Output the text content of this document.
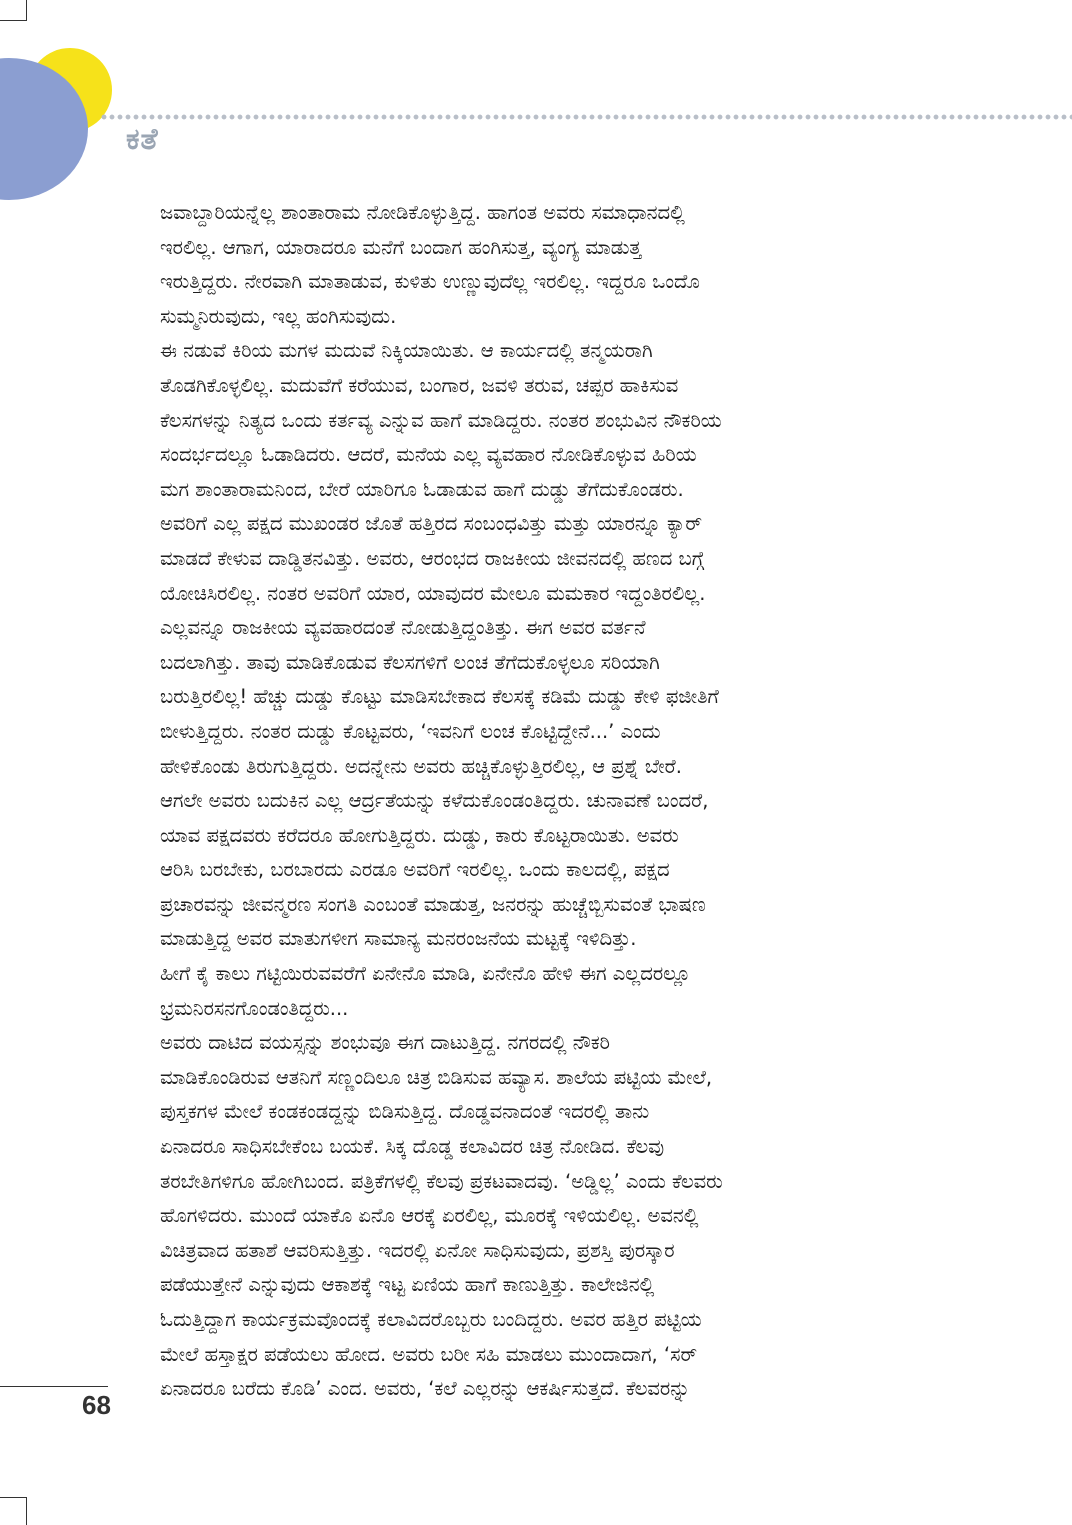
ಕತೆ

ಜವಾಬ್ದಾರಿಯನ್ನೆಲ್ಲ ಶಾಂತಾರಾಮ ನೋಡಿಕೊಳ್ಳುತ್ತಿದ್ದ. ಹಾಗಂತ ಅವರು ಸಮಾಧಾನದಲ್ಲಿ
ಇರಲಿಲ್ಲ. ಆಗಾಗ, ಯಾರಾದರೂ ಮನೆಗೆ ಬಂದಾಗ ಹಂಗಿಸುತ್ತ, ವ್ಯಂಗ್ಯ ಮಾಡುತ್ತ
ಇರುತ್ತಿದ್ದರು. ನೇರವಾಗಿ ಮಾತಾಡುವ, ಕುಳಿತು ಉಣ್ಣುವುದೆಲ್ಲ ಇರಲಿಲ್ಲ. ಇದ್ದರೂ ಒಂದೊ
ಸುಮ್ಮನಿರುವುದು, ಇಲ್ಲ ಹಂಗಿಸುವುದು.

ಈ ನಡುವೆ ಕಿರಿಯ ಮಗಳ ಮದುವೆ ನಿಕ್ಕಿಯಾಯಿತು. ಆ ಕಾರ್ಯದಲ್ಲಿ ತನ್ಮಯರಾಗಿ
ತೊಡಗಿಕೊಳ್ಳಲಿಲ್ಲ. ಮದುವೆಗೆ ಕರೆಯುವ, ಬಂಗಾರ, ಜವಳಿ ತರುವ, ಚಪ್ಪರ ಹಾಕಿಸುವ
ಕೆಲಸಗಳನ್ನು ನಿತ್ಯದ ಒಂದು ಕರ್ತವ್ಯ ಎನ್ನುವ ಹಾಗೆ ಮಾಡಿದ್ದರು. ನಂತರ ಶಂಭುವಿನ ನೌಕರಿಯ
ಸಂದರ್ಭದಲ್ಲೂ ಓಡಾಡಿದರು. ಆದರೆ, ಮನೆಯ ಎಲ್ಲ ವ್ಯವಹಾರ ನೋಡಿಕೊಳ್ಳುವ ಹಿರಿಯ
ಮಗ ಶಾಂತಾರಾಮನಿಂದ, ಬೇರೆ ಯಾರಿಗೂ ಓಡಾಡುವ ಹಾಗೆ ದುಡ್ಡು ತೆಗೆದುಕೊಂಡರು.
ಅವರಿಗೆ ಎಲ್ಲ ಪಕ್ಷದ ಮುಖಂಡರ ಜೊತೆ ಹತ್ತಿರದ ಸಂಬಂಧವಿತ್ತು ಮತ್ತು ಯಾರನ್ನೂ ಕ್ಯಾರ್
ಮಾಡದೆ ಕೇಳುವ ದಾಡ್ಡಿತನವಿತ್ತು. ಅವರು, ಆರಂಭದ ರಾಜಕೀಯ ಜೀವನದಲ್ಲಿ ಹಣದ ಬಗ್ಗೆ
ಯೋಚಿಸಿರಲಿಲ್ಲ. ನಂತರ ಅವರಿಗೆ ಯಾರ, ಯಾವುದರ ಮೇಲೂ ಮಮಕಾರ ಇದ್ದಂತಿರಲಿಲ್ಲ.
ಎಲ್ಲವನ್ನೂ ರಾಜಕೀಯ ವ್ಯವಹಾರದಂತೆ ನೋಡುತ್ತಿದ್ದಂತಿತ್ತು. ಈಗ ಅವರ ವರ್ತನೆ
ಬದಲಾಗಿತ್ತು. ತಾವು ಮಾಡಿಕೊಡುವ ಕೆಲಸಗಳಿಗೆ ಲಂಚ ತೆಗೆದುಕೊಳ್ಳಲೂ ಸರಿಯಾಗಿ
ಬರುತ್ತಿರಲಿಲ್ಲ! ಹೆಚ್ಚು ದುಡ್ಡು ಕೊಟ್ಟು ಮಾಡಿಸಬೇಕಾದ ಕೆಲಸಕ್ಕೆ ಕಡಿಮೆ ದುಡ್ಡು ಕೇಳಿ ಫಜೀತಿಗೆ
ಬೀಳುತ್ತಿದ್ದರು. ನಂತರ ದುಡ್ಡು ಕೊಟ್ಟವರು, ‘ಇವನಿಗೆ ಲಂಚ ಕೊಟ್ಟಿದ್ದೇನೆ...’ ಎಂದು
ಹೇಳಿಕೊಂಡು ತಿರುಗುತ್ತಿದ್ದರು. ಅದನ್ನೇನು ಅವರು ಹಚ್ಚಿಕೊಳ್ಳುತ್ತಿರಲಿಲ್ಲ, ಆ ಪ್ರಶ್ನೆ ಬೇರೆ.
ಆಗಲೇ ಅವರು ಬದುಕಿನ ಎಲ್ಲ ಆರ್ದ್ರತೆಯನ್ನು ಕಳೆದುಕೊಂಡಂತಿದ್ದರು. ಚುನಾವಣೆ ಬಂದರೆ,
ಯಾವ ಪಕ್ಷದವರು ಕರೆದರೂ ಹೋಗುತ್ತಿದ್ದರು. ದುಡ್ಡು, ಕಾರು ಕೊಟ್ಟರಾಯಿತು. ಅವರು
ಆರಿಸಿ ಬರಬೇಕು, ಬರಬಾರದು ಎರಡೂ ಅವರಿಗೆ ಇರಲಿಲ್ಲ. ಒಂದು ಕಾಲದಲ್ಲಿ, ಪಕ್ಷದ
ಪ್ರಚಾರವನ್ನು ಜೀವನ್ಮರಣ ಸಂಗತಿ ಎಂಬಂತೆ ಮಾಡುತ್ತ, ಜನರನ್ನು ಹುಚ್ಚೆಬ್ಬಿಸುವಂತೆ ಭಾಷಣ
ಮಾಡುತ್ತಿದ್ದ ಅವರ ಮಾತುಗಳೀಗ ಸಾಮಾನ್ಯ ಮನರಂಜನೆಯ ಮಟ್ಟಕ್ಕೆ ಇಳಿದಿತ್ತು.

ಹೀಗೆ ಕೈ ಕಾಲು ಗಟ್ಟಿಯಿರುವವರೆಗೆ ಏನೇನೊ ಮಾಡಿ, ಏನೇನೊ ಹೇಳಿ ಈಗ ಎಲ್ಲದರಲ್ಲೂ
ಭ್ರಮನಿರಸನಗೊಂಡಂತಿದ್ದರು...

ಅವರು ದಾಟಿದ ವಯಸ್ಸನ್ನು ಶಂಭುವೂ ಈಗ ದಾಟುತ್ತಿದ್ದ. ನಗರದಲ್ಲಿ ನೌಕರಿ
ಮಾಡಿಕೊಂಡಿರುವ ಆತನಿಗೆ ಸಣ್ಣಂದಿಲೂ ಚಿತ್ರ ಬಿಡಿಸುವ ಹವ್ಯಾಸ. ಶಾಲೆಯ ಪಟ್ಟಿಯ ಮೇಲೆ,
ಪುಸ್ತಕಗಳ ಮೇಲೆ ಕಂಡಕಂಡದ್ದನ್ನು ಬಿಡಿಸುತ್ತಿದ್ದ. ದೊಡ್ಡವನಾದಂತೆ ಇದರಲ್ಲಿ ತಾನು
ಏನಾದರೂ ಸಾಧಿಸಬೇಕೆಂಬ ಬಯಕೆ. ಸಿಕ್ಕ ದೊಡ್ಡ ಕಲಾವಿದರ ಚಿತ್ರ ನೋಡಿದ. ಕೆಲವು
ತರಬೇತಿಗಳಿಗೂ ಹೋಗಿಬಂದ. ಪತ್ರಿಕೆಗಳಲ್ಲಿ ಕೆಲವು ಪ್ರಕಟವಾದವು. ‘ಅಡ್ಡಿಲ್ಲ’ ಎಂದು ಕೆಲವರು
ಹೊಗಳಿದರು. ಮುಂದೆ ಯಾಕೊ ಏನೊ ಆರಕ್ಕೆ ಏರಲಿಲ್ಲ, ಮೂರಕ್ಕೆ ಇಳಿಯಲಿಲ್ಲ. ಅವನಲ್ಲಿ
ವಿಚಿತ್ರವಾದ ಹತಾಶೆ ಆವರಿಸುತ್ತಿತ್ತು. ಇದರಲ್ಲಿ ಏನೋ ಸಾಧಿಸುವುದು, ಪ್ರಶಸ್ತಿ ಪುರಸ್ಕಾರ
ಪಡೆಯುತ್ತೇನೆ ಎನ್ನುವುದು ಆಕಾಶಕ್ಕೆ ಇಟ್ಟ ಏಣಿಯ ಹಾಗೆ ಕಾಣುತ್ತಿತ್ತು. ಕಾಲೇಜಿನಲ್ಲಿ
ಓದುತ್ತಿದ್ದಾಗ ಕಾರ್ಯಕ್ರಮವೊಂದಕ್ಕೆ ಕಲಾವಿದರೊಬ್ಬರು ಬಂದಿದ್ದರು. ಅವರ ಹತ್ತಿರ ಪಟ್ಟಿಯ
ಮೇಲೆ ಹಸ್ತಾಕ್ಷರ ಪಡೆಯಲು ಹೋದ. ಅವರು ಬರೀ ಸಹಿ ಮಾಡಲು ಮುಂದಾದಾಗ, ‘ಸರ್
ಏನಾದರೂ ಬರೆದು ಕೊಡಿ’ ಎಂದ. ಅವರು, ‘ಕಲೆ ಎಲ್ಲರನ್ನು ಆಕರ್ಷಿಸುತ್ತದೆ. ಕೆಲವರನ್ನು

68
